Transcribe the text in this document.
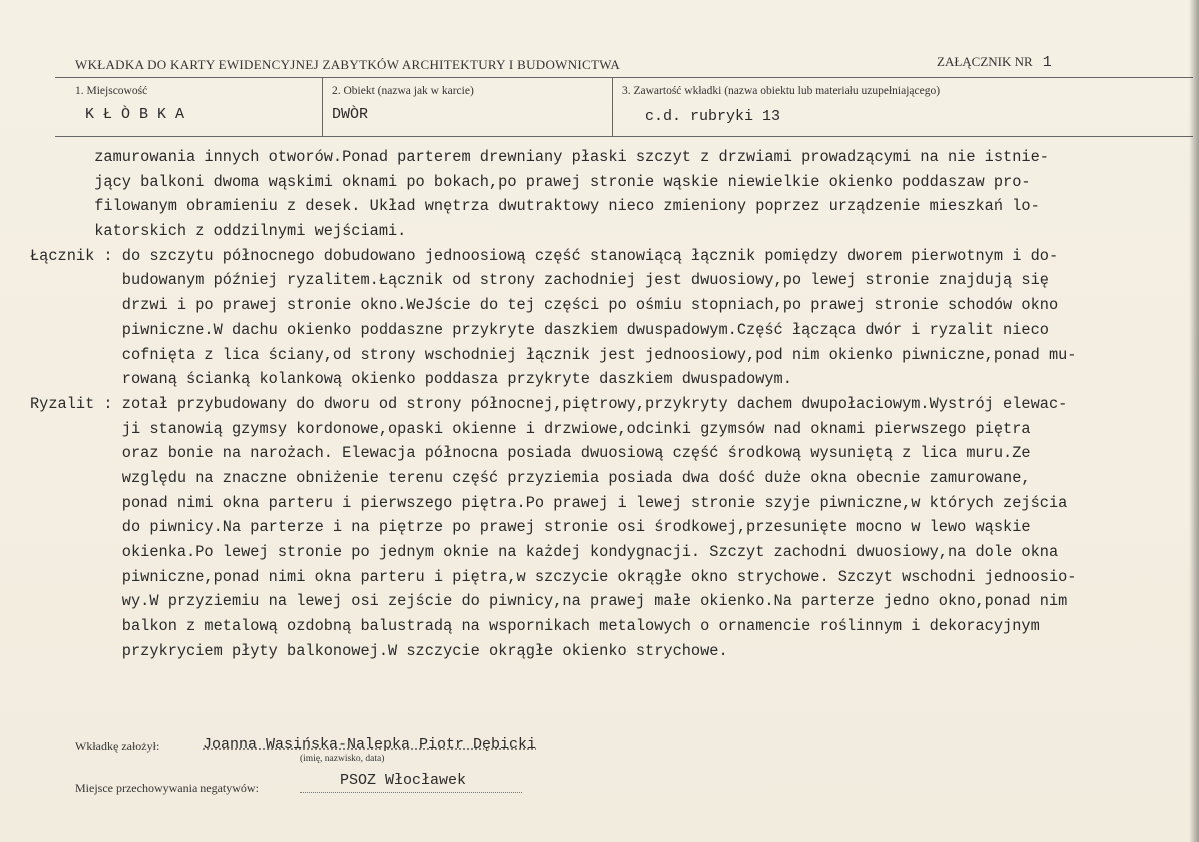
WKŁADKA DO KARTY EWIDENCYJNEJ ZABYTKÓW ARCHITEKTURY I BUDOWNICTWA	ZAŁĄCZNIK NR 1
1. Miejscowość
KŁÒBKA
2. Obiekt (nazwa jak w karcie)
DWÒR
3. Zawartość wkładki (nazwa obiektu lub materiału uzupełniającego)
c.d. rubryki 13
zamurowania innych otworów.Ponad parterem drewniany płaski szczyt z drzwiami prowadzącymi na nie istnie-
jący balkoni dwoma wąskimi oknami po bokach,po prawej stronie wąskie niewielkie okienko poddaszaw pro-
filowanym obramieniu z desek. Układ wnętrza dwutraktowy nieco zmieniony poprzez urządzenie mieszkań lo-
katorskich z oddzilnymi wejściami.
Łącznik : do szczytu północnego dobudowano jednoosiową część stanowiącą łącznik pomiędzy dworem pierwotnym i do-
budowanym później ryzalitem.Łącznik od strony zachodniej jest dwuosiowy,po lewej stronie znajdują się
drzwi i po prawej stronie okno.WeJście do tej części po ośmiu stopniach,po prawej stronie schodów okno
piwniczne.W dachu okienko poddaszne przykryte daszkiem dwuspadowym.Część łącząca dwór i ryzalit nieco
cofnięta z lica ściany,od strony wschodniej łącznik jest jednoosiowy,pod nim okienko piwniczne,ponad mu-
rowaną ścianką kolankową okienko poddasza przykryte daszkiem dwuspadowym.
Ryzalit : zotał przybudowany do dworu od strony północnej,piętrowy,przykryty dachem dwupołaciowym.Wystrój elewac-
ji stanowią gzymsy kordonowe,opaski okienne i drzwiowe,odcinki gzymsów nad oknami pierwszego piętra
oraz bonie na narożach. Elewacja północna posiada dwuosiową część środkową wysuniętą z lica muru.Ze
względu na znaczne obniżenie terenu część przyziemia posiada dwa dość duże okna obecnie zamurowane,
ponad nimi okna parteru i pierwszego piętra.Po prawej i lewej stronie szyje piwniczne,w których zejścia
do piwnicy.Na parterze i na piętrze po prawej stronie osi środkowej,przesunięte mocno w lewo wąskie
okienka.Po lewej stronie po jednym oknie na każdej kondygnacji. Szczyt zachodni dwuosiowy,na dole okna
piwniczne,ponad nimi okna parteru i piętra,w szczycie okrągłe okno strychowe. Szczyt wschodni jednoosio-
wy.W przyziemiu na lewej osi zejście do piwnicy,na prawej małe okienko.Na parterze jedno okno,ponad nim
balkon z metalową ozdobną balustradą na wspornikach metalowych o ornamencie roślinnym i dekoracyjnym
przykryciem płyty balkonowej.W szczycie okrągłe okienko strychowe.
Wkładkę założył:	Joanna Wasińska-Nalepka Piotr Dębicki
(imię, nazwisko, data)
Miejsce przechowywania negatywów:	PSOZ Włocławek
